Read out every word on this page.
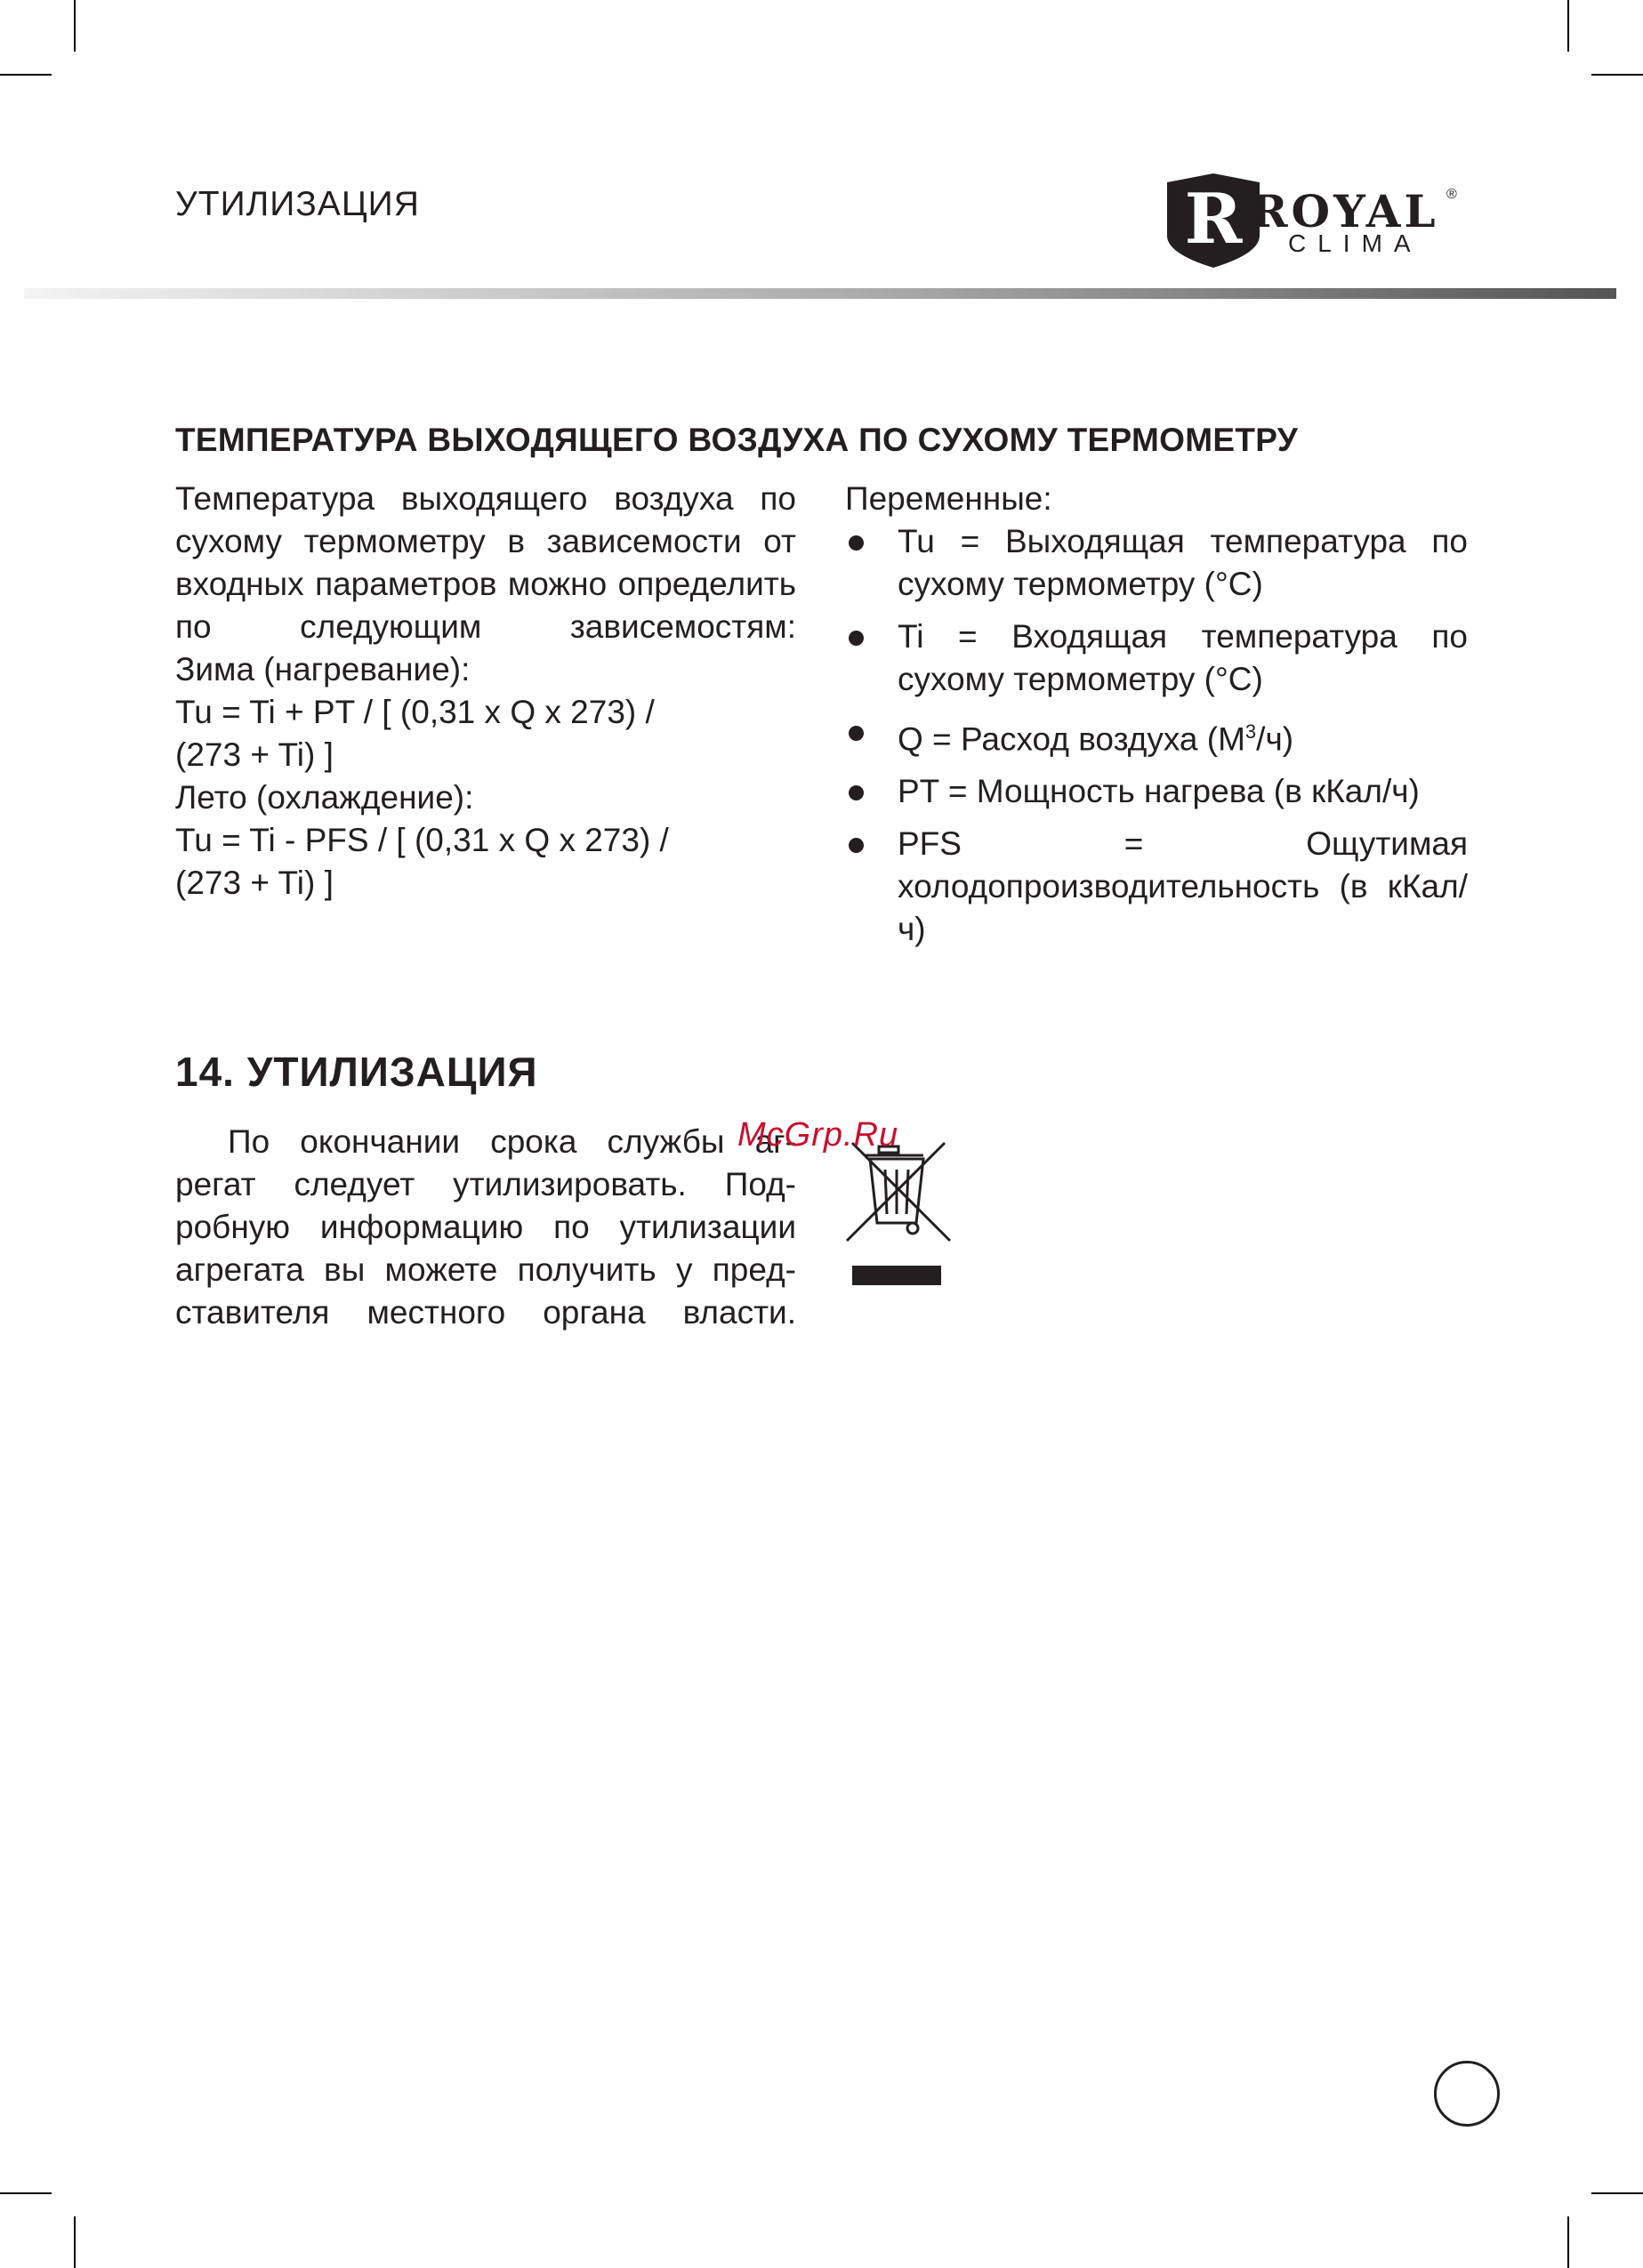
УТИЛИЗАЦИЯ	R ROYAL ®
CLIMA
ТЕМПЕРАТУРА ВЫХОДЯЩЕГО ВОЗДУХА ПО СУХОМУ ТЕРМОМЕТРУ
Температура выходящего воздуха по сухому термометру в зависемости от входных параметров можно определить по следующим зависемостям:
Зима (нагревание):
Tu = Ti + PT / [ (0,31 x Q x 273) /
(273 + Ti) ]
Лето (охлаждение):
Tu = Ti - PFS / [ (0,31 x Q x 273) /
(273 + Ti) ]
Переменные:
Tu = Выходящая температура по сухому термометру (°C)
Ti = Входящая температура по сухому термометру (°C)
Q = Расход воздуха $(М^3/ч)$
PT = Мощность нагрева (в кКал/ч)
PFS = Ощутимая холодопроизводительность (в кКал/ч)
14. УТИЛИЗАЦИЯ
По окончании срока службы аг-
регат следует утилизировать. Под-
робную информацию по утилизации
агрегата вы можете получить у пред-
ставителя местного органа власти.
McGrp.Ru
